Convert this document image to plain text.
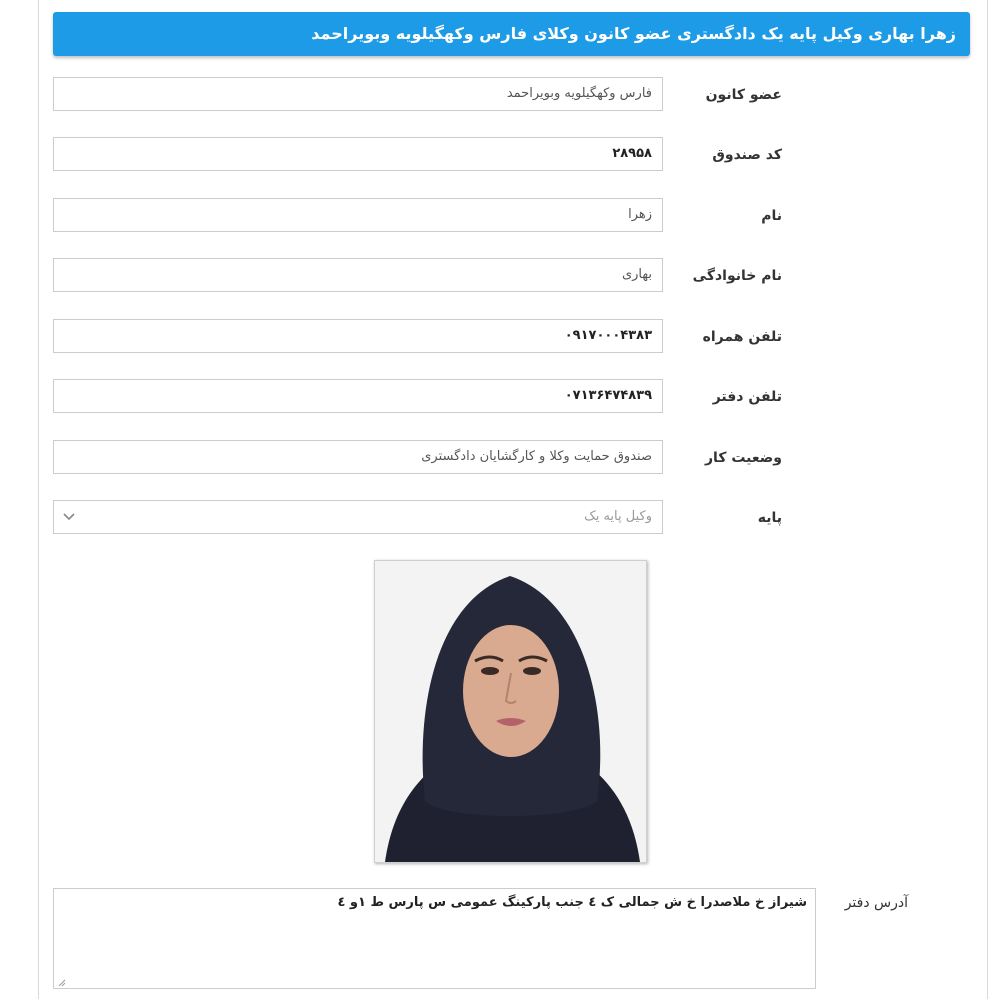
زهرا بهاری وکیل پایه یک دادگستری عضو کانون وکلای فارس وکهگیلویه وبویراحمد
عضو کانون
فارس وکهگیلویه وبویراحمد
کد صندوق
۲۸۹۵۸
نام
زهرا
نام خانوادگی
بهاری
تلفن همراه
۰۹۱۷۰۰۰۴۳۸۳
تلفن دفتر
۰۷۱۳۶۴۷۴۸۳۹
وضعیت کار
صندوق حمایت وکلا و کارگشایان دادگستری
پایه
وکیل پایه یک
آدرس دفتر
شیراز خ ملاصدرا خ ش جمالی ک ٤ جنب پارکینگ عمومی س پارس ط ١و ٤
